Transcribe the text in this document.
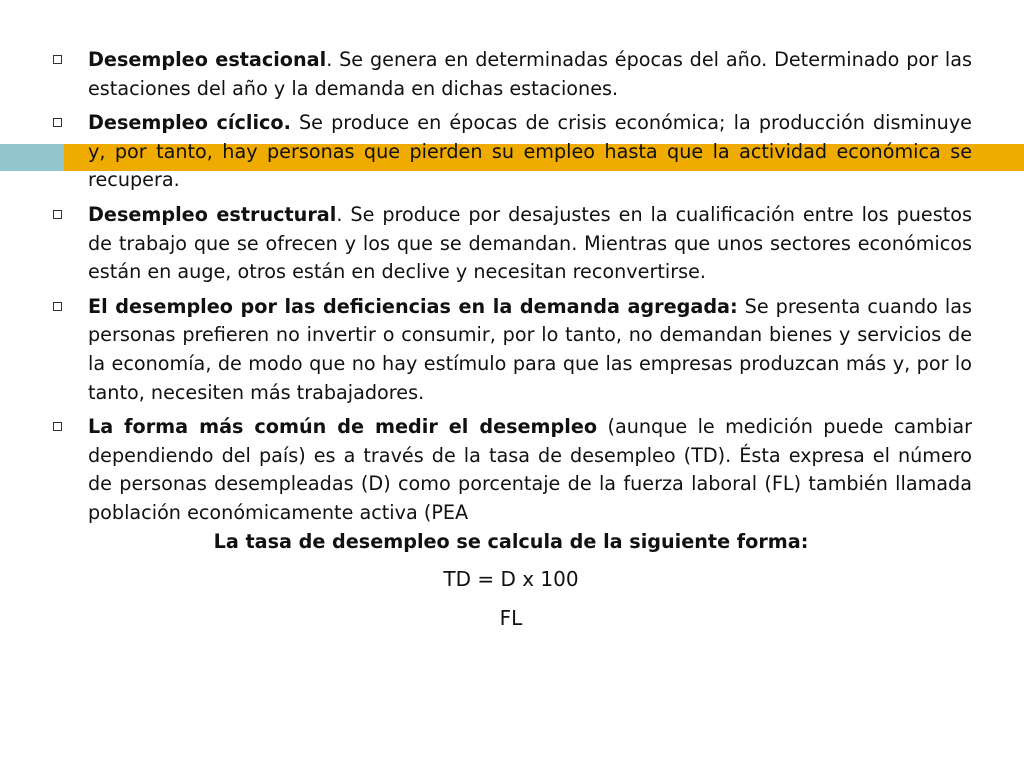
Desempleo estacional. Se genera en determinadas épocas del año. Determinado por las estaciones del año y la demanda en dichas estaciones.
Desempleo cíclico. Se produce en épocas de crisis económica; la producción disminuye y, por tanto, hay personas que pierden su empleo hasta que la actividad económica se recupera.
Desempleo estructural. Se produce por desajustes en la cualificación entre los puestos de trabajo que se ofrecen y los que se demandan. Mientras que unos sectores económicos están en auge, otros están en declive y necesitan reconvertirse.
El desempleo por las deficiencias en la demanda agregada: Se presenta cuando las personas prefieren no invertir o consumir, por lo tanto, no demandan bienes y servicios de la economía, de modo que no hay estímulo para que las empresas produzcan más y, por lo tanto, necesiten más trabajadores.
La forma más común de medir el desempleo (aunque le medición puede cambiar dependiendo del país) es a través de la tasa de desempleo (TD). Ésta expresa el número de personas desempleadas (D) como porcentaje de la fuerza laboral (FL) también llamada población económicamente activa (PEA
La tasa de desempleo se calcula de la siguiente forma:
TD = D x 100
FL
